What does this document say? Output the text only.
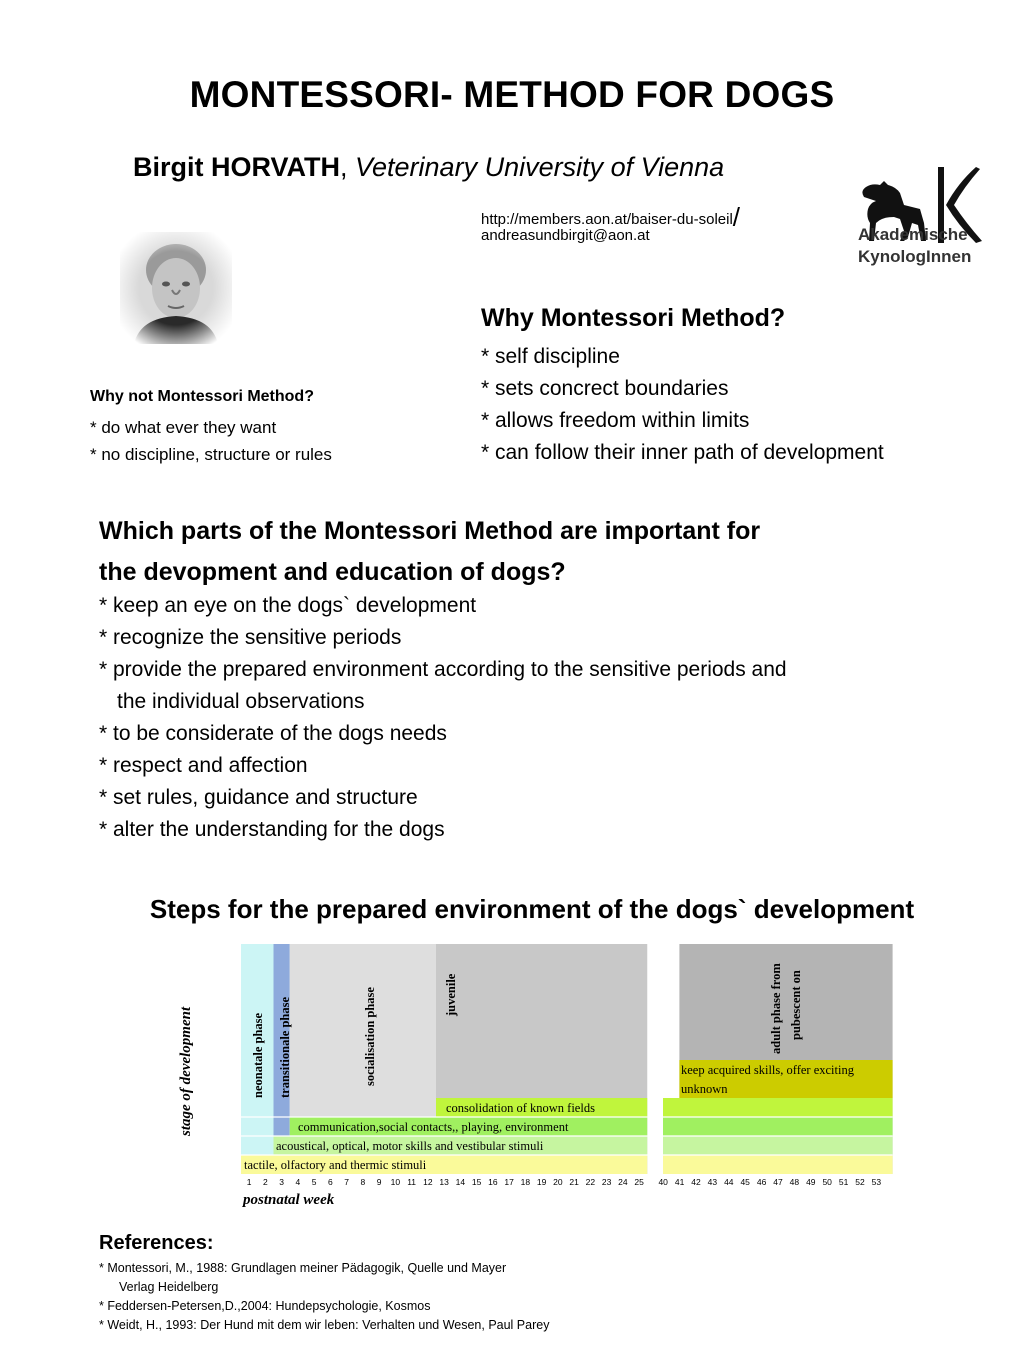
MONTESSORI- METHOD FOR DOGS
Birgit HORVATH, Veterinary University of Vienna
http://members.aon.at/baiser-du-soleil/
andreasundbirgit@aon.at	Akademische
KynologInnen
Why Montessori Method?
* self discipline
* sets concrect boundaries
* allows freedom within limits
* can follow their inner path of development
Why not Montessori Method?
* do what ever they want
* no discipline, structure or rules
Which parts of the Montessori Method are important for
the devopment and education of dogs?
* keep an eye on the dogs` development
* recognize the sensitive periods
* provide the prepared environment according to the sensitive periods and
the individual observations
* to be considerate of the dogs needs
* respect and affection
* set rules, guidance and structure
* alter the understanding for the dogs
Steps for the prepared environment of the dogs` development
tactile, olfactory and thermic stimuli
acoustical, optical, motor skills and vestibular stimuli
communication,social contacts,, playing, environment
consolidation of known fields
keep acquired skills, offer exciting
unknown
neonatale phase transitionale phase	socialisation phase	juvenile	adult phase from pubescent on
1 2 3 4 5 6 7 8 9 10 11 12 13 14 15 16 17 18 19 20 21 22 23 24 25 40 41 42 43 44 45 46 47 48 49 50 51 52 53
postnatal week
stage of development
References:
* Montessori, M., 1988: Grundlagen meiner Pädagogik, Quelle und Mayer
Verlag Heidelberg
* Feddersen-Petersen,D.,2004: Hundepsychologie, Kosmos
* Weidt, H., 1993: Der Hund mit dem wir leben: Verhalten und Wesen, Paul Parey
